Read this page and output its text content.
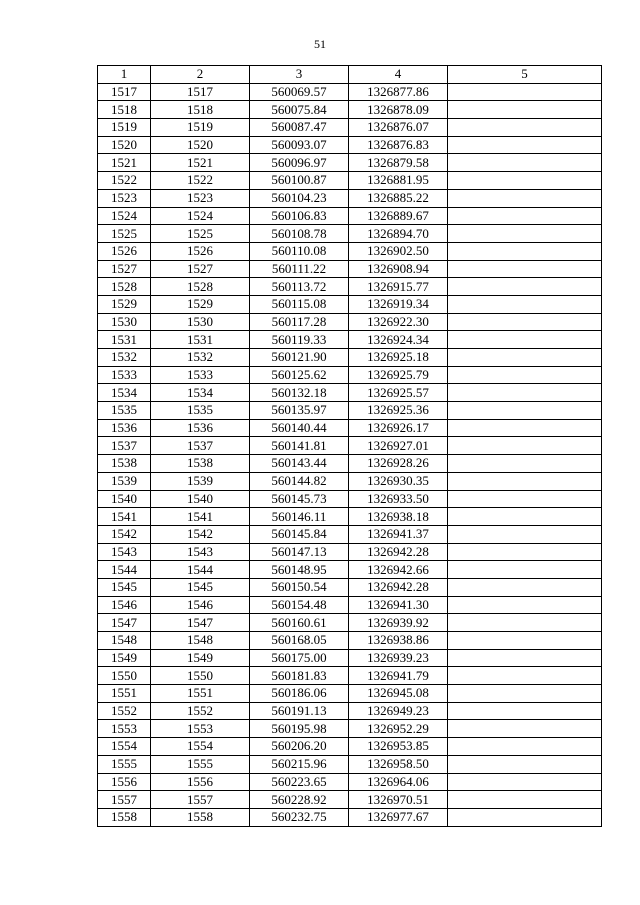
51
1	2	3	4	5
1517	1517	560069.57	1326877.86	
1518	1518	560075.84	1326878.09	
1519	1519	560087.47	1326876.07	
1520	1520	560093.07	1326876.83	
1521	1521	560096.97	1326879.58	
1522	1522	560100.87	1326881.95	
1523	1523	560104.23	1326885.22	
1524	1524	560106.83	1326889.67	
1525	1525	560108.78	1326894.70	
1526	1526	560110.08	1326902.50	
1527	1527	560111.22	1326908.94	
1528	1528	560113.72	1326915.77	
1529	1529	560115.08	1326919.34	
1530	1530	560117.28	1326922.30	
1531	1531	560119.33	1326924.34	
1532	1532	560121.90	1326925.18	
1533	1533	560125.62	1326925.79	
1534	1534	560132.18	1326925.57	
1535	1535	560135.97	1326925.36	
1536	1536	560140.44	1326926.17	
1537	1537	560141.81	1326927.01	
1538	1538	560143.44	1326928.26	
1539	1539	560144.82	1326930.35	
1540	1540	560145.73	1326933.50	
1541	1541	560146.11	1326938.18	
1542	1542	560145.84	1326941.37	
1543	1543	560147.13	1326942.28	
1544	1544	560148.95	1326942.66	
1545	1545	560150.54	1326942.28	
1546	1546	560154.48	1326941.30	
1547	1547	560160.61	1326939.92	
1548	1548	560168.05	1326938.86	
1549	1549	560175.00	1326939.23	
1550	1550	560181.83	1326941.79	
1551	1551	560186.06	1326945.08	
1552	1552	560191.13	1326949.23	
1553	1553	560195.98	1326952.29	
1554	1554	560206.20	1326953.85	
1555	1555	560215.96	1326958.50	
1556	1556	560223.65	1326964.06	
1557	1557	560228.92	1326970.51	
1558	1558	560232.75	1326977.67	
